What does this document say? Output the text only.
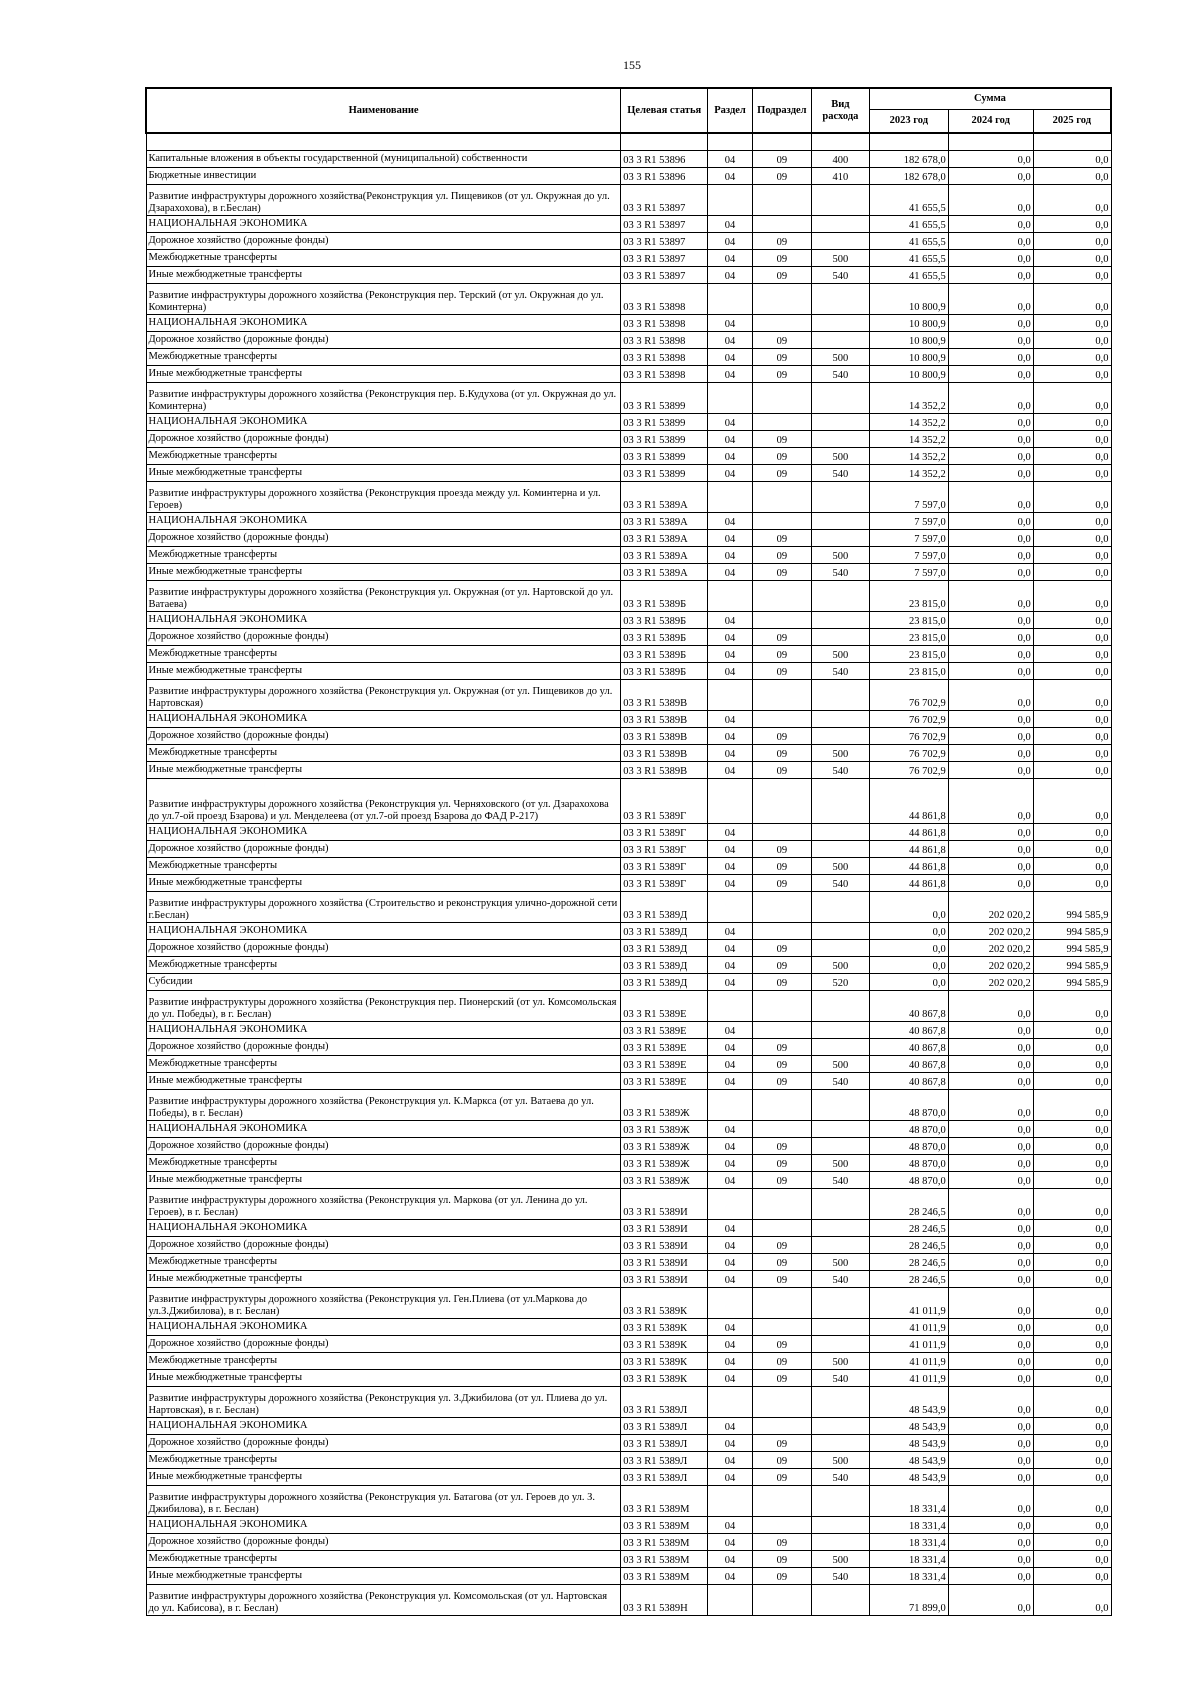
155
Наименование	Целевая статья	Раздел	Подраздел	Вид расхода	Сумма		
					2023 год	2024 год	2025 год

Капитальные вложения в объекты государственной (муниципальной) собственности	03 3 R1 53896	04	09	400	182 678,0	0,0	0,0
Бюджетные инвестиции	03 3 R1 53896	04	09	410	182 678,0	0,0	0,0
Развитие инфраструктуры дорожного хозяйства(Реконструкция ул. Пищевиков (от ул. Окружная до ул. Дзарахохова), в г.Беслан)	03 3 R1 53897				41 655,5	0,0	0,0
НАЦИОНАЛЬНАЯ ЭКОНОМИКА	03 3 R1 53897	04			41 655,5	0,0	0,0
Дорожное хозяйство (дорожные фонды)	03 3 R1 53897	04	09		41 655,5	0,0	0,0
Межбюджетные трансферты	03 3 R1 53897	04	09	500	41 655,5	0,0	0,0
Иные межбюджетные трансферты	03 3 R1 53897	04	09	540	41 655,5	0,0	0,0
Развитие инфраструктуры дорожного хозяйства (Реконструкция пер. Терский (от ул. Окружная до ул. Коминтерна)	03 3 R1 53898				10 800,9	0,0	0,0
НАЦИОНАЛЬНАЯ ЭКОНОМИКА	03 3 R1 53898	04			10 800,9	0,0	0,0
Дорожное хозяйство (дорожные фонды)	03 3 R1 53898	04	09		10 800,9	0,0	0,0
Межбюджетные трансферты	03 3 R1 53898	04	09	500	10 800,9	0,0	0,0
Иные межбюджетные трансферты	03 3 R1 53898	04	09	540	10 800,9	0,0	0,0
Развитие инфраструктуры дорожного хозяйства (Реконструкция пер. Б.Кудухова (от ул. Окружная до ул. Коминтерна)	03 3 R1 53899				14 352,2	0,0	0,0
НАЦИОНАЛЬНАЯ ЭКОНОМИКА	03 3 R1 53899	04			14 352,2	0,0	0,0
Дорожное хозяйство (дорожные фонды)	03 3 R1 53899	04	09		14 352,2	0,0	0,0
Межбюджетные трансферты	03 3 R1 53899	04	09	500	14 352,2	0,0	0,0
Иные межбюджетные трансферты	03 3 R1 53899	04	09	540	14 352,2	0,0	0,0
Развитие инфраструктуры дорожного хозяйства (Реконструкция проезда между ул. Коминтерна и ул. Героев)	03 3 R1 5389А				7 597,0	0,0	0,0
НАЦИОНАЛЬНАЯ ЭКОНОМИКА	03 3 R1 5389А	04			7 597,0	0,0	0,0
Дорожное хозяйство (дорожные фонды)	03 3 R1 5389А	04	09		7 597,0	0,0	0,0
Межбюджетные трансферты	03 3 R1 5389А	04	09	500	7 597,0	0,0	0,0
Иные межбюджетные трансферты	03 3 R1 5389А	04	09	540	7 597,0	0,0	0,0
Развитие инфраструктуры дорожного хозяйства (Реконструкция ул. Окружная (от ул. Нартовской до ул. Ватаева)	03 3 R1 5389Б				23 815,0	0,0	0,0
НАЦИОНАЛЬНАЯ ЭКОНОМИКА	03 3 R1 5389Б	04			23 815,0	0,0	0,0
Дорожное хозяйство (дорожные фонды)	03 3 R1 5389Б	04	09		23 815,0	0,0	0,0
Межбюджетные трансферты	03 3 R1 5389Б	04	09	500	23 815,0	0,0	0,0
Иные межбюджетные трансферты	03 3 R1 5389Б	04	09	540	23 815,0	0,0	0,0
Развитие инфраструктуры дорожного хозяйства (Реконструкция ул. Окружная (от ул. Пищевиков до ул. Нартовская)	03 3 R1 5389В				76 702,9	0,0	0,0
НАЦИОНАЛЬНАЯ ЭКОНОМИКА	03 3 R1 5389В	04			76 702,9	0,0	0,0
Дорожное хозяйство (дорожные фонды)	03 3 R1 5389В	04	09		76 702,9	0,0	0,0
Межбюджетные трансферты	03 3 R1 5389В	04	09	500	76 702,9	0,0	0,0
Иные межбюджетные трансферты	03 3 R1 5389В	04	09	540	76 702,9	0,0	0,0
Развитие инфраструктуры дорожного хозяйства (Реконструкция ул. Черняховского (от ул. Дзарахохова до ул.7-ой проезд Бзарова) и ул. Менделеева (от ул.7-ой проезд Бзарова до ФАД Р-217)	03 3 R1 5389Г				44 861,8	0,0	0,0
НАЦИОНАЛЬНАЯ ЭКОНОМИКА	03 3 R1 5389Г	04			44 861,8	0,0	0,0
Дорожное хозяйство (дорожные фонды)	03 3 R1 5389Г	04	09		44 861,8	0,0	0,0
Межбюджетные трансферты	03 3 R1 5389Г	04	09	500	44 861,8	0,0	0,0
Иные межбюджетные трансферты	03 3 R1 5389Г	04	09	540	44 861,8	0,0	0,0
Развитие инфраструктуры дорожного хозяйства (Строительство и реконструкция улично-дорожной сети г.Беслан)	03 3 R1 5389Д				0,0	202 020,2	994 585,9
НАЦИОНАЛЬНАЯ ЭКОНОМИКА	03 3 R1 5389Д	04			0,0	202 020,2	994 585,9
Дорожное хозяйство (дорожные фонды)	03 3 R1 5389Д	04	09		0,0	202 020,2	994 585,9
Межбюджетные трансферты	03 3 R1 5389Д	04	09	500	0,0	202 020,2	994 585,9
Субсидии	03 3 R1 5389Д	04	09	520	0,0	202 020,2	994 585,9
Развитие инфраструктуры дорожного хозяйства (Реконструкция пер. Пионерский (от ул. Комсомольская до ул. Победы), в г. Беслан)	03 3 R1 5389Е				40 867,8	0,0	0,0
НАЦИОНАЛЬНАЯ ЭКОНОМИКА	03 3 R1 5389Е	04			40 867,8	0,0	0,0
Дорожное хозяйство (дорожные фонды)	03 3 R1 5389Е	04	09		40 867,8	0,0	0,0
Межбюджетные трансферты	03 3 R1 5389Е	04	09	500	40 867,8	0,0	0,0
Иные межбюджетные трансферты	03 3 R1 5389Е	04	09	540	40 867,8	0,0	0,0
Развитие инфраструктуры дорожного хозяйства (Реконструкция ул. К.Маркса (от ул. Ватаева до ул. Победы), в г. Беслан)	03 3 R1 5389Ж				48 870,0	0,0	0,0
НАЦИОНАЛЬНАЯ ЭКОНОМИКА	03 3 R1 5389Ж	04			48 870,0	0,0	0,0
Дорожное хозяйство (дорожные фонды)	03 3 R1 5389Ж	04	09		48 870,0	0,0	0,0
Межбюджетные трансферты	03 3 R1 5389Ж	04	09	500	48 870,0	0,0	0,0
Иные межбюджетные трансферты	03 3 R1 5389Ж	04	09	540	48 870,0	0,0	0,0
Развитие инфраструктуры дорожного хозяйства (Реконструкция ул. Маркова (от ул. Ленина до ул. Героев), в г. Беслан)	03 3 R1 5389И				28 246,5	0,0	0,0
НАЦИОНАЛЬНАЯ ЭКОНОМИКА	03 3 R1 5389И	04			28 246,5	0,0	0,0
Дорожное хозяйство (дорожные фонды)	03 3 R1 5389И	04	09		28 246,5	0,0	0,0
Межбюджетные трансферты	03 3 R1 5389И	04	09	500	28 246,5	0,0	0,0
Иные межбюджетные трансферты	03 3 R1 5389И	04	09	540	28 246,5	0,0	0,0
Развитие инфраструктуры дорожного хозяйства (Реконструкция ул. Ген.Плиева (от ул.Маркова до ул.З.Джибилова), в г. Беслан)	03 3 R1 5389К				41 011,9	0,0	0,0
НАЦИОНАЛЬНАЯ ЭКОНОМИКА	03 3 R1 5389К	04			41 011,9	0,0	0,0
Дорожное хозяйство (дорожные фонды)	03 3 R1 5389К	04	09		41 011,9	0,0	0,0
Межбюджетные трансферты	03 3 R1 5389К	04	09	500	41 011,9	0,0	0,0
Иные межбюджетные трансферты	03 3 R1 5389К	04	09	540	41 011,9	0,0	0,0
Развитие инфраструктуры дорожного хозяйства (Реконструкция ул. З.Джибилова (от ул. Плиева до ул. Нартовская), в г. Беслан)	03 3 R1 5389Л				48 543,9	0,0	0,0
НАЦИОНАЛЬНАЯ ЭКОНОМИКА	03 3 R1 5389Л	04			48 543,9	0,0	0,0
Дорожное хозяйство (дорожные фонды)	03 3 R1 5389Л	04	09		48 543,9	0,0	0,0
Межбюджетные трансферты	03 3 R1 5389Л	04	09	500	48 543,9	0,0	0,0
Иные межбюджетные трансферты	03 3 R1 5389Л	04	09	540	48 543,9	0,0	0,0
Развитие инфраструктуры дорожного хозяйства (Реконструкция ул. Батагова (от ул. Героев до ул. З. Джибилова), в г. Беслан)	03 3 R1 5389М				18 331,4	0,0	0,0
НАЦИОНАЛЬНАЯ ЭКОНОМИКА	03 3 R1 5389М	04			18 331,4	0,0	0,0
Дорожное хозяйство (дорожные фонды)	03 3 R1 5389М	04	09		18 331,4	0,0	0,0
Межбюджетные трансферты	03 3 R1 5389М	04	09	500	18 331,4	0,0	0,0
Иные межбюджетные трансферты	03 3 R1 5389М	04	09	540	18 331,4	0,0	0,0
Развитие инфраструктуры дорожного хозяйства (Реконструкция ул. Комсомольская (от ул. Нартовская до ул. Кабисова), в г. Беслан)	03 3 R1 5389Н				71 899,0	0,0	0,0
